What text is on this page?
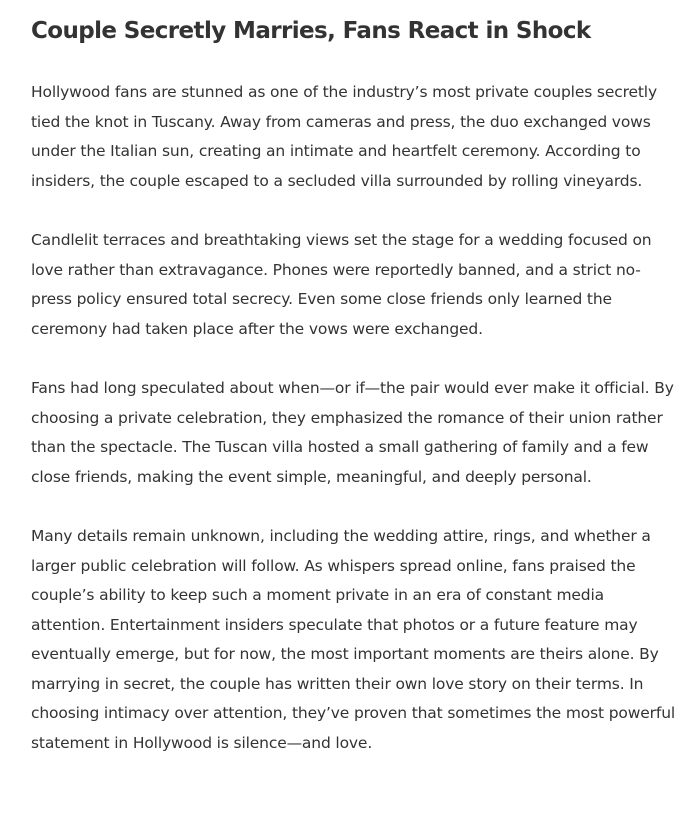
Couple Secretly Marries, Fans React in Shock

Hollywood fans are stunned as one of the industry’s most private couples secretly tied the knot in Tuscany. Away from cameras and press, the duo exchanged vows under the Italian sun, creating an intimate and heartfelt ceremony. According to insiders, the couple escaped to a secluded villa surrounded by rolling vineyards.

Candlelit terraces and breathtaking views set the stage for a wedding focused on love rather than extravagance. Phones were reportedly banned, and a strict no-press policy ensured total secrecy. Even some close friends only learned the ceremony had taken place after the vows were exchanged.

Fans had long speculated about when—or if—the pair would ever make it official. By choosing a private celebration, they emphasized the romance of their union rather than the spectacle. The Tuscan villa hosted a small gathering of family and a few close friends, making the event simple, meaningful, and deeply personal.

Many details remain unknown, including the wedding attire, rings, and whether a larger public celebration will follow. As whispers spread online, fans praised the couple’s ability to keep such a moment private in an era of constant media attention. Entertainment insiders speculate that photos or a future feature may eventually emerge, but for now, the most important moments are theirs alone. By marrying in secret, the couple has written their own love story on their terms. In choosing intimacy over attention, they’ve proven that sometimes the most powerful statement in Hollywood is silence—and love.
